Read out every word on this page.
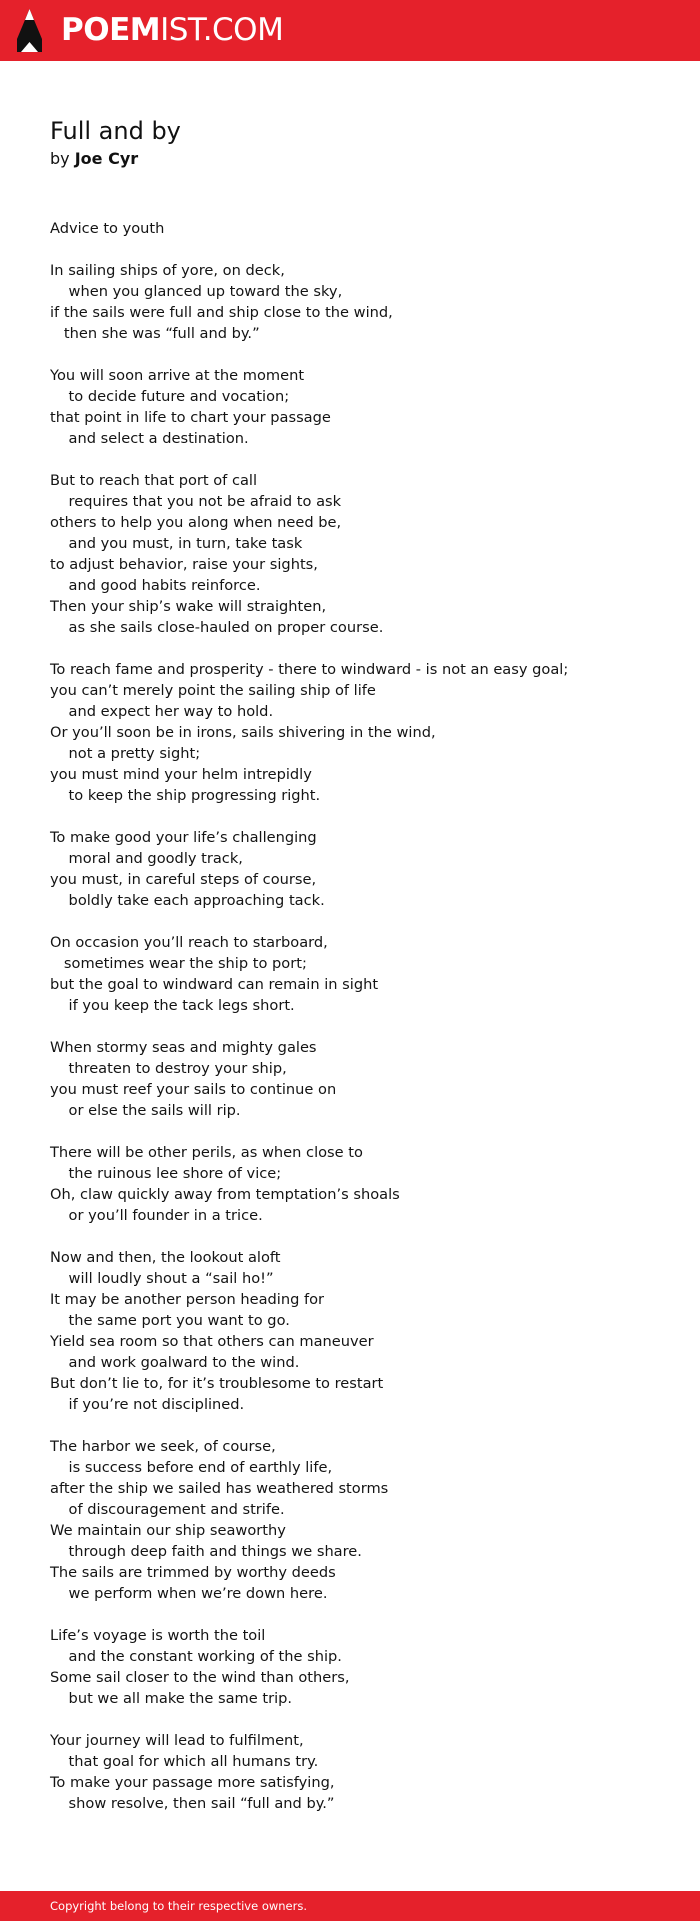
POEMIST.COM
Full and by
by Joe Cyr
Advice to youth
In sailing ships of yore, on deck,
when you glanced up toward the sky,
if the sails were full and ship close to the wind,
then she was “full and by.”
You will soon arrive at the moment
to decide future and vocation;
that point in life to chart your passage
and select a destination.
But to reach that port of call
requires that you not be afraid to ask
others to help you along when need be,
and you must, in turn, take task
to adjust behavior, raise your sights,
and good habits reinforce.
Then your ship’s wake will straighten,
as she sails close-hauled on proper course.
To reach fame and prosperity - there to windward - is not an easy goal;
you can’t merely point the sailing ship of life
and expect her way to hold.
Or you’ll soon be in irons, sails shivering in the wind,
not a pretty sight;
you must mind your helm intrepidly
to keep the ship progressing right.
To make good your life’s challenging
moral and goodly track,
you must, in careful steps of course,
boldly take each approaching tack.
On occasion you’ll reach to starboard,
sometimes wear the ship to port;
but the goal to windward can remain in sight
if you keep the tack legs short.
When stormy seas and mighty gales
threaten to destroy your ship,
you must reef your sails to continue on
or else the sails will rip.
There will be other perils, as when close to
the ruinous lee shore of vice;
Oh, claw quickly away from temptation’s shoals
or you’ll founder in a trice.
Now and then, the lookout aloft
will loudly shout a “sail ho!”
It may be another person heading for
the same port you want to go.
Yield sea room so that others can maneuver
and work goalward to the wind.
But don’t lie to, for it’s troublesome to restart
if you’re not disciplined.
The harbor we seek, of course,
is success before end of earthly life,
after the ship we sailed has weathered storms
of discouragement and strife.
We maintain our ship seaworthy
through deep faith and things we share.
The sails are trimmed by worthy deeds
we perform when we’re down here.
Life’s voyage is worth the toil
and the constant working of the ship.
Some sail closer to the wind than others,
but we all make the same trip.
Your journey will lead to fulfilment,
that goal for which all humans try.
To make your passage more satisfying,
show resolve, then sail “full and by.”
Copyright belong to their respective owners.
